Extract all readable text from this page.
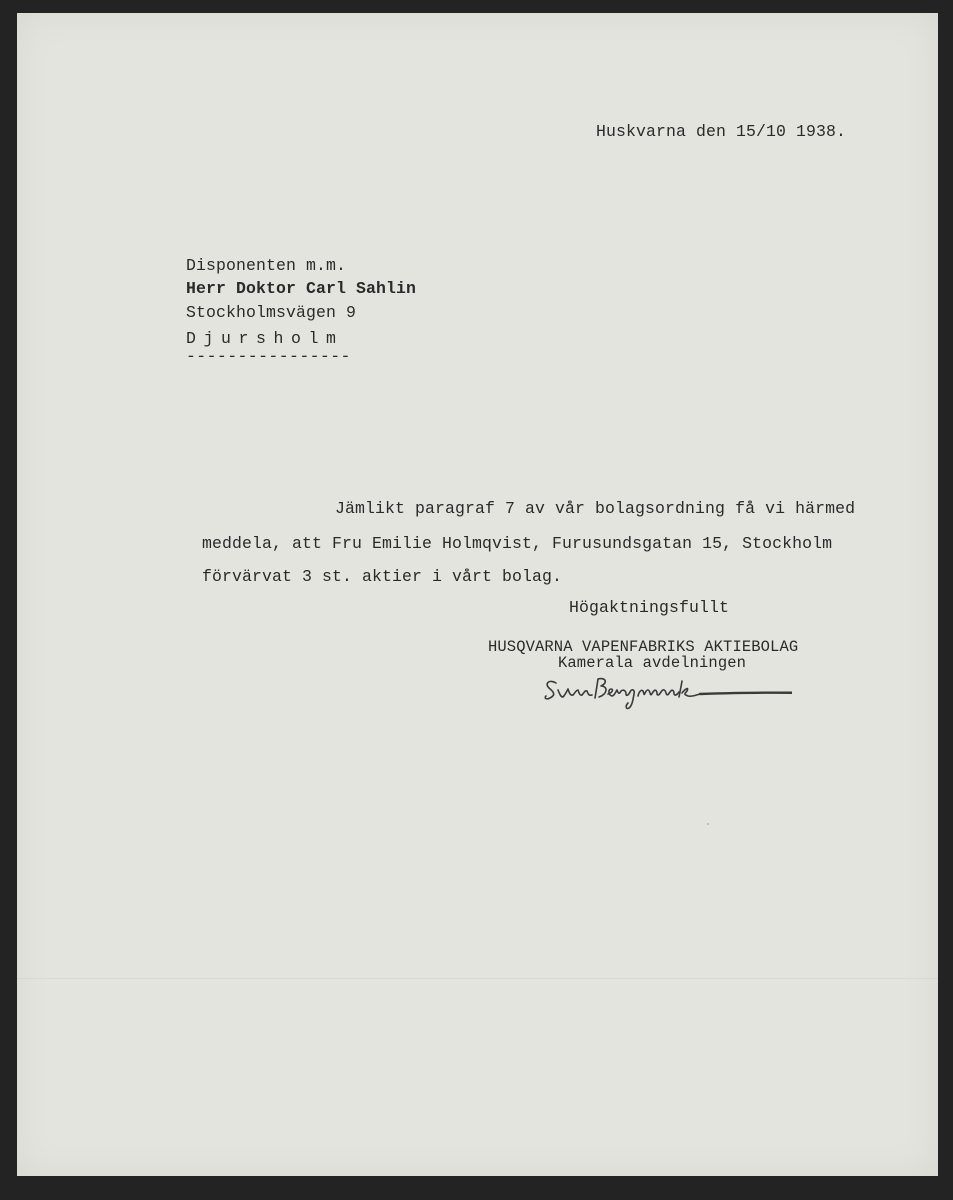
Huskvarna den 15/10 1938.
Disponenten m.m.
Herr Doktor Carl Sahlin
Stockholmsvägen 9
Djursholm
----------------
Jämlikt paragraf 7 av vår bolagsordning få vi härmed
meddela, att Fru Emilie Holmqvist, Furusundsgatan 15, Stockholm
förvärvat 3 st. aktier i vårt bolag.
Högaktningsfullt
HUSQVARNA VAPENFABRIKS AKTIEBOLAG
Kamerala avdelningen
